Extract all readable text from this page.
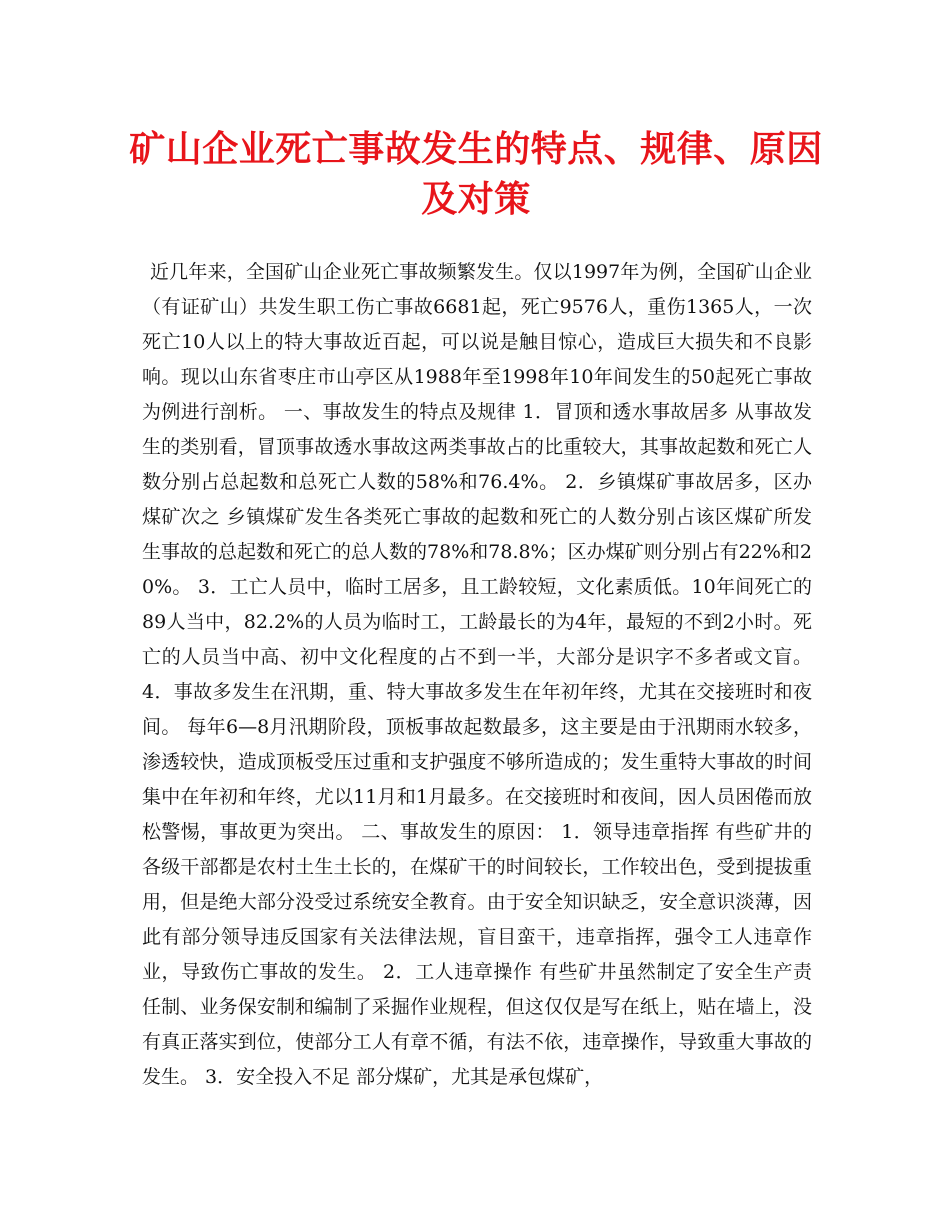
矿山企业死亡事故发生的特点、规律、原因及对策

近几年来，全国矿山企业死亡事故频繁发生。仅以1997年为例，全国矿山企业（有证矿山）共发生职工伤亡事故6681起，死亡9576人，重伤1365人，一次死亡10人以上的特大事故近百起，可以说是触目惊心，造成巨大损失和不良影响。现以山东省枣庄市山亭区从1988年至1998年10年间发生的50起死亡事故为例进行剖析。 一、事故发生的特点及规律 1．冒顶和透水事故居多 从事故发生的类别看，冒顶事故透水事故这两类事故占的比重较大，其事故起数和死亡人数分别占总起数和总死亡人数的58%和76.4%。 2．乡镇煤矿事故居多，区办煤矿次之 乡镇煤矿发生各类死亡事故的起数和死亡的人数分别占该区煤矿所发生事故的总起数和死亡的总人数的78%和78.8%；区办煤矿则分别占有22%和20%。 3．工亡人员中，临时工居多，且工龄较短，文化素质低。10年间死亡的89人当中，82.2%的人员为临时工，工龄最长的为4年，最短的不到2小时。死亡的人员当中高、初中文化程度的占不到一半，大部分是识字不多者或文盲。 4．事故多发生在汛期，重、特大事故多发生在年初年终，尤其在交接班时和夜间。 每年6—8月汛期阶段，顶板事故起数最多，这主要是由于汛期雨水较多，渗透较快，造成顶板受压过重和支护强度不够所造成的；发生重特大事故的时间集中在年初和年终，尤以11月和1月最多。在交接班时和夜间，因人员困倦而放松警惕，事故更为突出。 二、事故发生的原因： 1．领导违章指挥 有些矿井的各级干部都是农村土生土长的，在煤矿干的时间较长，工作较出色，受到提拔重用，但是绝大部分没受过系统安全教育。由于安全知识缺乏，安全意识淡薄，因此有部分领导违反国家有关法律法规，盲目蛮干，违章指挥，强令工人违章作业，导致伤亡事故的发生。 2．工人违章操作 有些矿井虽然制定了安全生产责任制、业务保安制和编制了采掘作业规程，但这仅仅是写在纸上，贴在墙上，没有真正落实到位，使部分工人有章不循，有法不依，违章操作，导致重大事故的发生。 3．安全投入不足 部分煤矿，尤其是承包煤矿，
